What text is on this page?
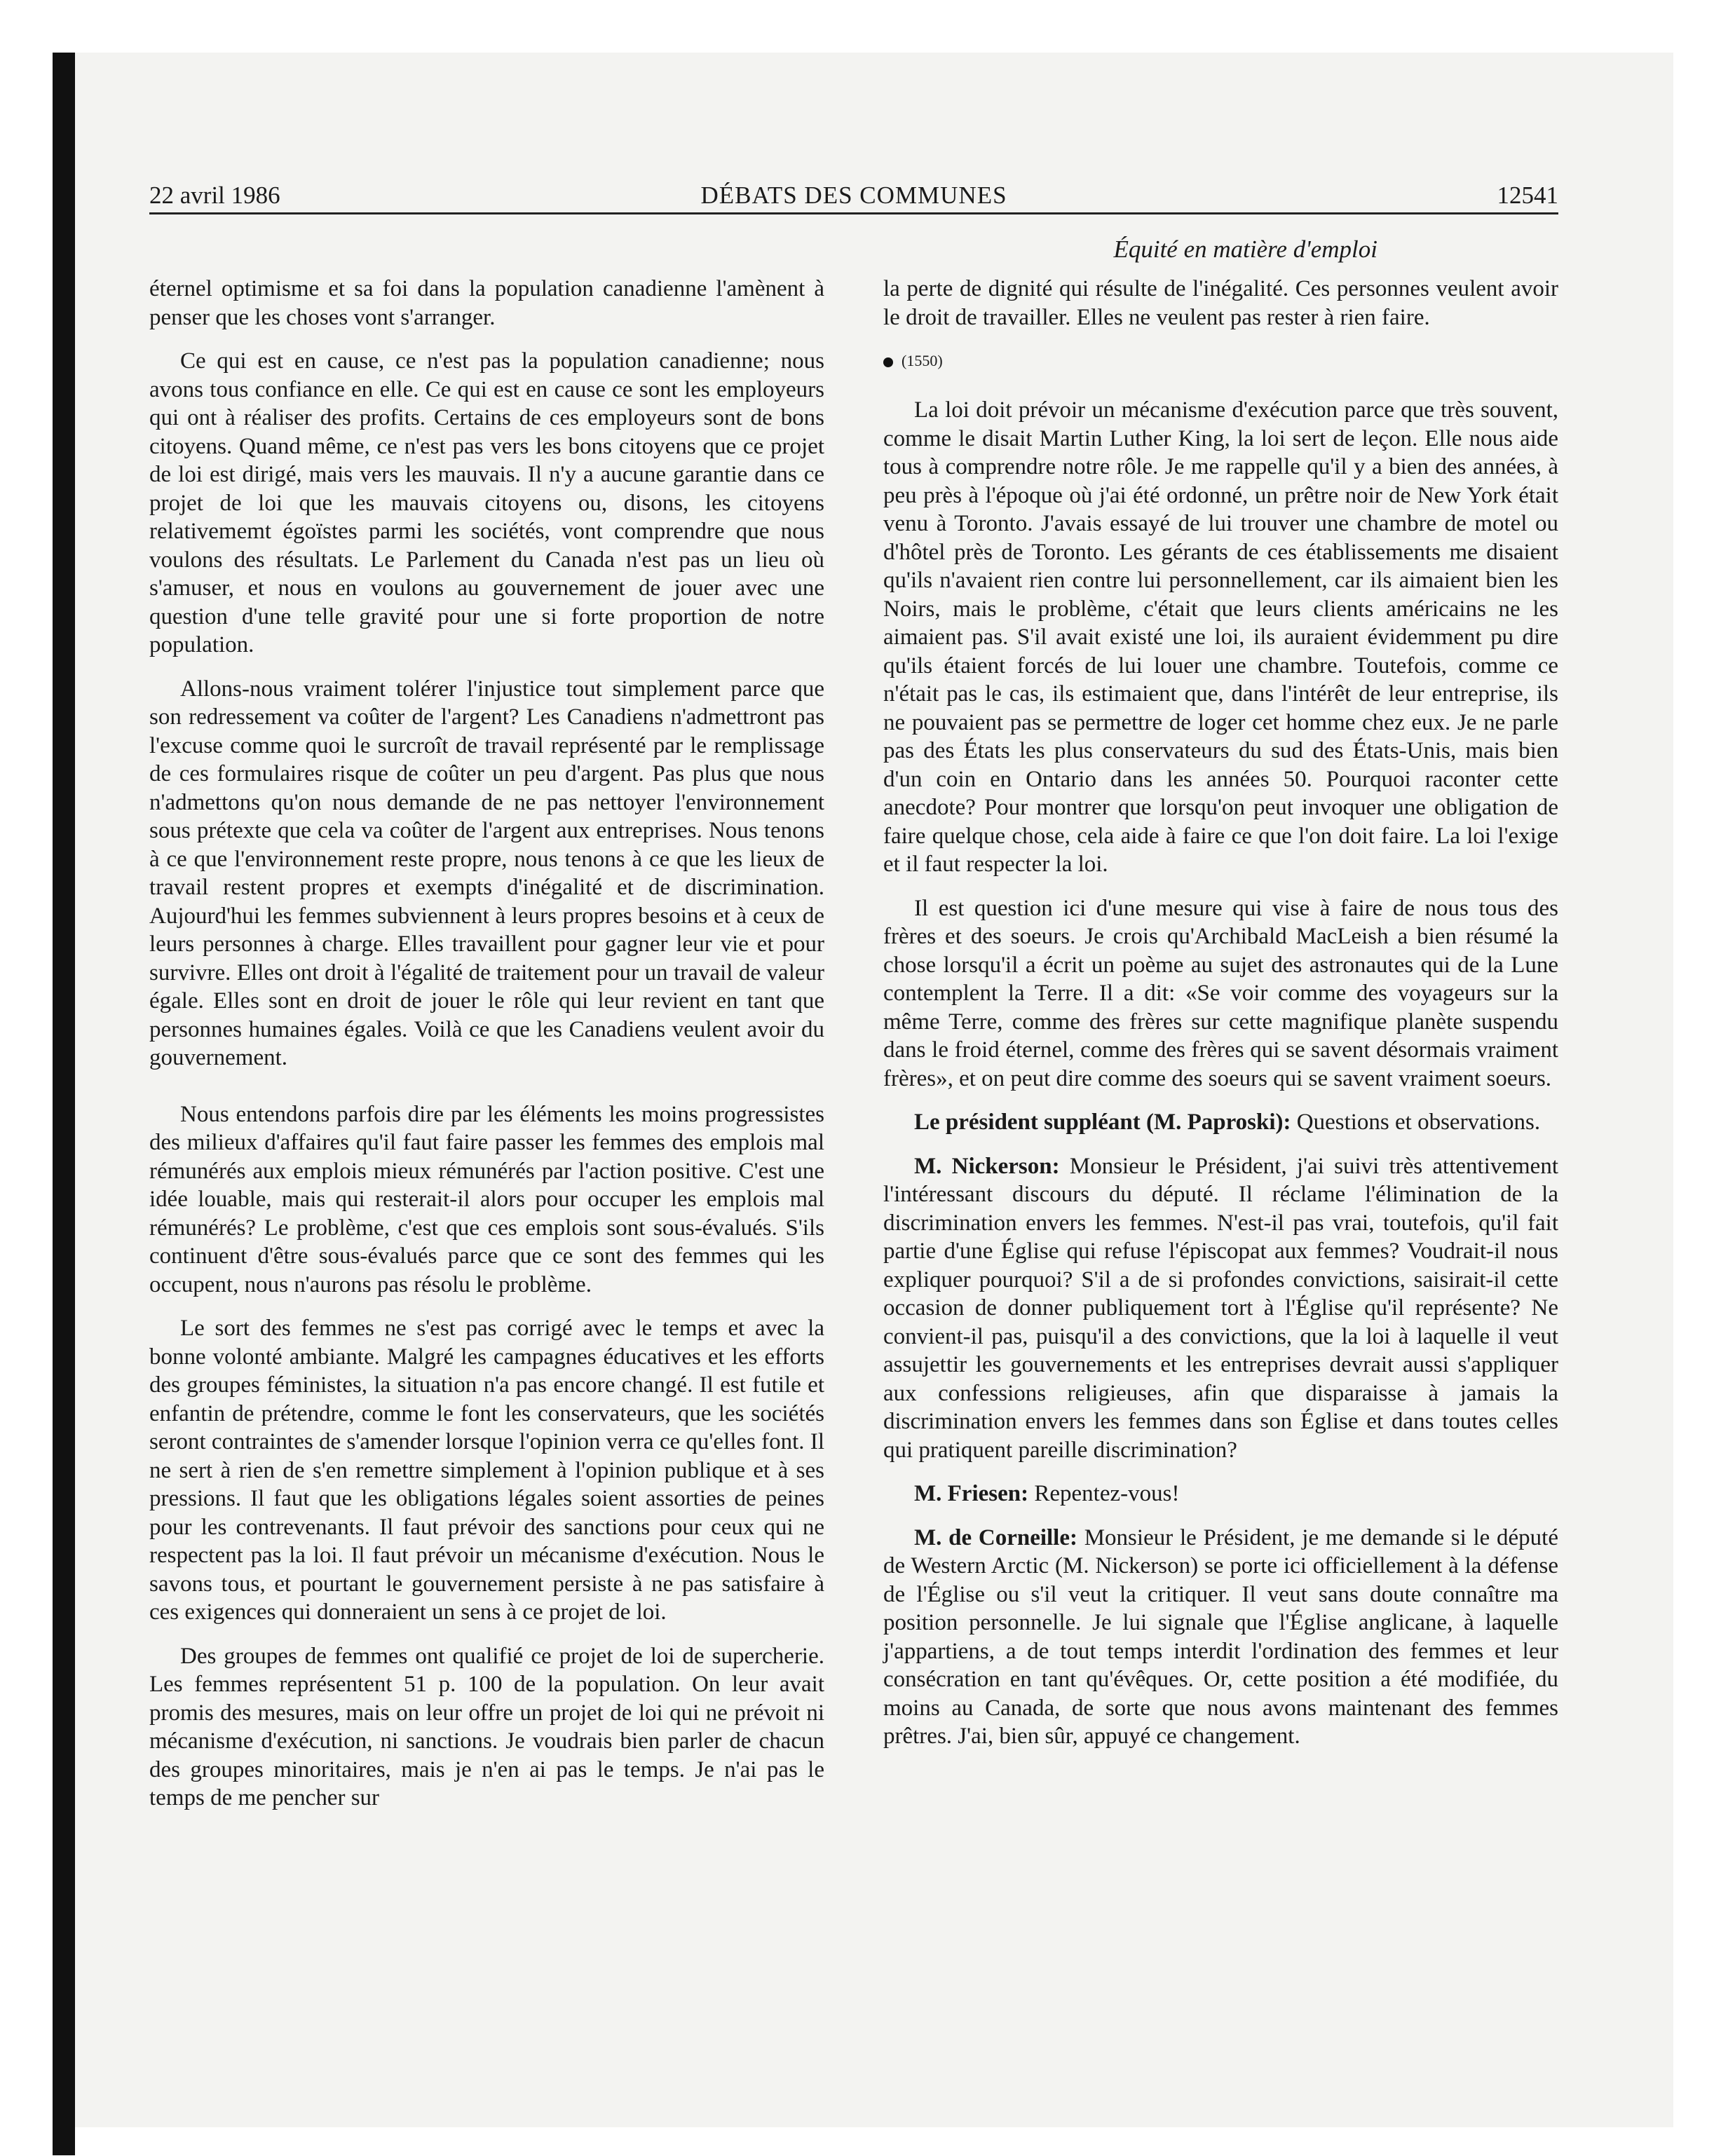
22 avril 1986	DÉBATS DES COMMUNES	12541
Équité en matière d'emploi

éternel optimisme et sa foi dans la population canadienne l'amènent à penser que les choses vont s'arranger.

Ce qui est en cause, ce n'est pas la population canadienne; nous avons tous confiance en elle. Ce qui est en cause ce sont les employeurs qui ont à réaliser des profits. Certains de ces employeurs sont de bons citoyens. Quand même, ce n'est pas vers les bons citoyens que ce projet de loi est dirigé, mais vers les mauvais. Il n'y a aucune garantie dans ce projet de loi que les mauvais citoyens ou, disons, les citoyens relativememt égoïstes parmi les sociétés, vont comprendre que nous voulons des résultats. Le Parlement du Canada n'est pas un lieu où s'amuser, et nous en voulons au gouvernement de jouer avec une question d'une telle gravité pour une si forte proportion de notre population.

Allons-nous vraiment tolérer l'injustice tout simplement parce que son redressement va coûter de l'argent? Les Canadiens n'admettront pas l'excuse comme quoi le surcroît de travail représenté par le remplissage de ces formulaires risque de coûter un peu d'argent. Pas plus que nous n'admettons qu'on nous demande de ne pas nettoyer l'environnement sous prétexte que cela va coûter de l'argent aux entreprises. Nous tenons à ce que l'environnement reste propre, nous tenons à ce que les lieux de travail restent propres et exempts d'inégalité et de discrimination. Aujourd'hui les femmes subviennent à leurs propres besoins et à ceux de leurs personnes à charge. Elles travaillent pour gagner leur vie et pour survivre. Elles ont droit à l'égalité de traitement pour un travail de valeur égale. Elles sont en droit de jouer le rôle qui leur revient en tant que personnes humaines égales. Voilà ce que les Canadiens veulent avoir du gouvernement.

Nous entendons parfois dire par les éléments les moins progressistes des milieux d'affaires qu'il faut faire passer les femmes des emplois mal rémunérés aux emplois mieux rémunérés par l'action positive. C'est une idée louable, mais qui resterait-il alors pour occuper les emplois mal rémunérés? Le problème, c'est que ces emplois sont sous-évalués. S'ils continuent d'être sous-évalués parce que ce sont des femmes qui les occupent, nous n'aurons pas résolu le problème.

Le sort des femmes ne s'est pas corrigé avec le temps et avec la bonne volonté ambiante. Malgré les campagnes éducatives et les efforts des groupes féministes, la situation n'a pas encore changé. Il est futile et enfantin de prétendre, comme le font les conservateurs, que les sociétés seront contraintes de s'amender lorsque l'opinion verra ce qu'elles font. Il ne sert à rien de s'en remettre simplement à l'opinion publique et à ses pressions. Il faut que les obligations légales soient assorties de peines pour les contrevenants. Il faut prévoir des sanctions pour ceux qui ne respectent pas la loi. Il faut prévoir un mécanisme d'exécution. Nous le savons tous, et pourtant le gouvernement persiste à ne pas satisfaire à ces exigences qui donneraient un sens à ce projet de loi.

Des groupes de femmes ont qualifié ce projet de loi de supercherie. Les femmes représentent 51 p. 100 de la population. On leur avait promis des mesures, mais on leur offre un projet de loi qui ne prévoit ni mécanisme d'exécution, ni sanctions. Je voudrais bien parler de chacun des groupes minoritaires, mais je n'en ai pas le temps. Je n'ai pas le temps de me pencher sur

la perte de dignité qui résulte de l'inégalité. Ces personnes veulent avoir le droit de travailler. Elles ne veulent pas rester à rien faire.

(1550)

La loi doit prévoir un mécanisme d'exécution parce que très souvent, comme le disait Martin Luther King, la loi sert de leçon. Elle nous aide tous à comprendre notre rôle. Je me rappelle qu'il y a bien des années, à peu près à l'époque où j'ai été ordonné, un prêtre noir de New York était venu à Toronto. J'avais essayé de lui trouver une chambre de motel ou d'hôtel près de Toronto. Les gérants de ces établissements me disaient qu'ils n'avaient rien contre lui personnellement, car ils aimaient bien les Noirs, mais le problème, c'était que leurs clients américains ne les aimaient pas. S'il avait existé une loi, ils auraient évidemment pu dire qu'ils étaient forcés de lui louer une chambre. Toutefois, comme ce n'était pas le cas, ils estimaient que, dans l'intérêt de leur entreprise, ils ne pouvaient pas se permettre de loger cet homme chez eux. Je ne parle pas des États les plus conservateurs du sud des États-Unis, mais bien d'un coin en Ontario dans les années 50. Pourquoi raconter cette anecdote? Pour montrer que lorsqu'on peut invoquer une obligation de faire quelque chose, cela aide à faire ce que l'on doit faire. La loi l'exige et il faut respecter la loi.

Il est question ici d'une mesure qui vise à faire de nous tous des frères et des soeurs. Je crois qu'Archibald MacLeish a bien résumé la chose lorsqu'il a écrit un poème au sujet des astronautes qui de la Lune contemplent la Terre. Il a dit: «Se voir comme des voyageurs sur la même Terre, comme des frères sur cette magnifique planète suspendu dans le froid éternel, comme des frères qui se savent désormais vraiment frères», et on peut dire comme des soeurs qui se savent vraiment soeurs.

Le président suppléant (M. Paproski): Questions et observations.

M. Nickerson: Monsieur le Président, j'ai suivi très attentivement l'intéressant discours du député. Il réclame l'élimination de la discrimination envers les femmes. N'est-il pas vrai, toutefois, qu'il fait partie d'une Église qui refuse l'épiscopat aux femmes? Voudrait-il nous expliquer pourquoi? S'il a de si profondes convictions, saisirait-il cette occasion de donner publiquement tort à l'Église qu'il représente? Ne convient-il pas, puisqu'il a des convictions, que la loi à laquelle il veut assujettir les gouvernements et les entreprises devrait aussi s'appliquer aux confessions religieuses, afin que disparaisse à jamais la discrimination envers les femmes dans son Église et dans toutes celles qui pratiquent pareille discrimination?

M. Friesen: Repentez-vous!

M. de Corneille: Monsieur le Président, je me demande si le député de Western Arctic (M. Nickerson) se porte ici officiellement à la défense de l'Église ou s'il veut la critiquer. Il veut sans doute connaître ma position personnelle. Je lui signale que l'Église anglicane, à laquelle j'appartiens, a de tout temps interdit l'ordination des femmes et leur consécration en tant qu'évêques. Or, cette position a été modifiée, du moins au Canada, de sorte que nous avons maintenant des femmes prêtres. J'ai, bien sûr, appuyé ce changement.
